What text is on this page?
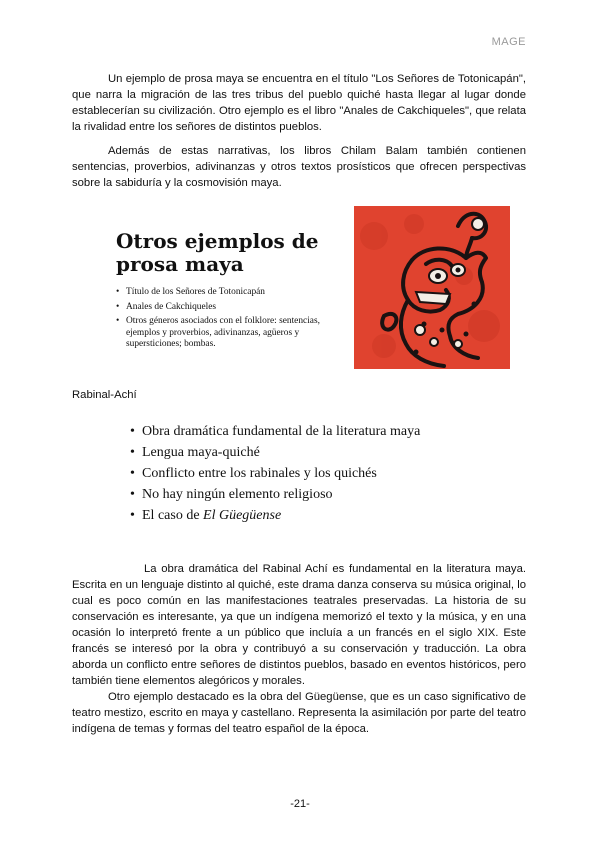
MAGE

Un ejemplo de prosa maya se encuentra en el título "Los Señores de Totonicapán", que narra la migración de las tres tribus del pueblo quiché hasta llegar al lugar donde establecerían su civilización. Otro ejemplo es el libro "Anales de Cakchiqueles", que relata la rivalidad entre los señores de distintos pueblos.

Además de estas narrativas, los libros Chilam Balam también contienen sentencias, proverbios, adivinanzas y otros textos prosísticos que ofrecen perspectivas sobre la sabiduría y la cosmovisión maya.

Otros ejemplos de prosa maya
• Título de los Señores de Totonicapán
• Anales de Cakchiqueles
• Otros géneros asociados con el folklore: sentencias, ejemplos y proverbios, adivinanzas, agüeros y supersticiones; bombas.
Rabinal-Achí
• Obra dramática fundamental de la literatura maya
• Lengua maya-quiché
• Conflicto entre los rabinales y los quichés
• No hay ningún elemento religioso
• El caso de El Güegüense

La obra dramática del Rabinal Achí es fundamental en la literatura maya. Escrita en un lenguaje distinto al quiché, este drama danza conserva su música original, lo cual es poco común en las manifestaciones teatrales preservadas. La historia de su conservación es interesante, ya que un indígena memorizó el texto y la música, y en una ocasión lo interpretó frente a un público que incluía a un francés en el siglo XIX. Este francés se interesó por la obra y contribuyó a su conservación y traducción. La obra aborda un conflicto entre señores de distintos pueblos, basado en eventos históricos, pero también tiene elementos alegóricos y morales.

Otro ejemplo destacado es la obra del Güegüense, que es un caso significativo de teatro mestizo, escrito en maya y castellano. Representa la asimilación por parte del teatro indígena de temas y formas del teatro español de la época.

-21-
